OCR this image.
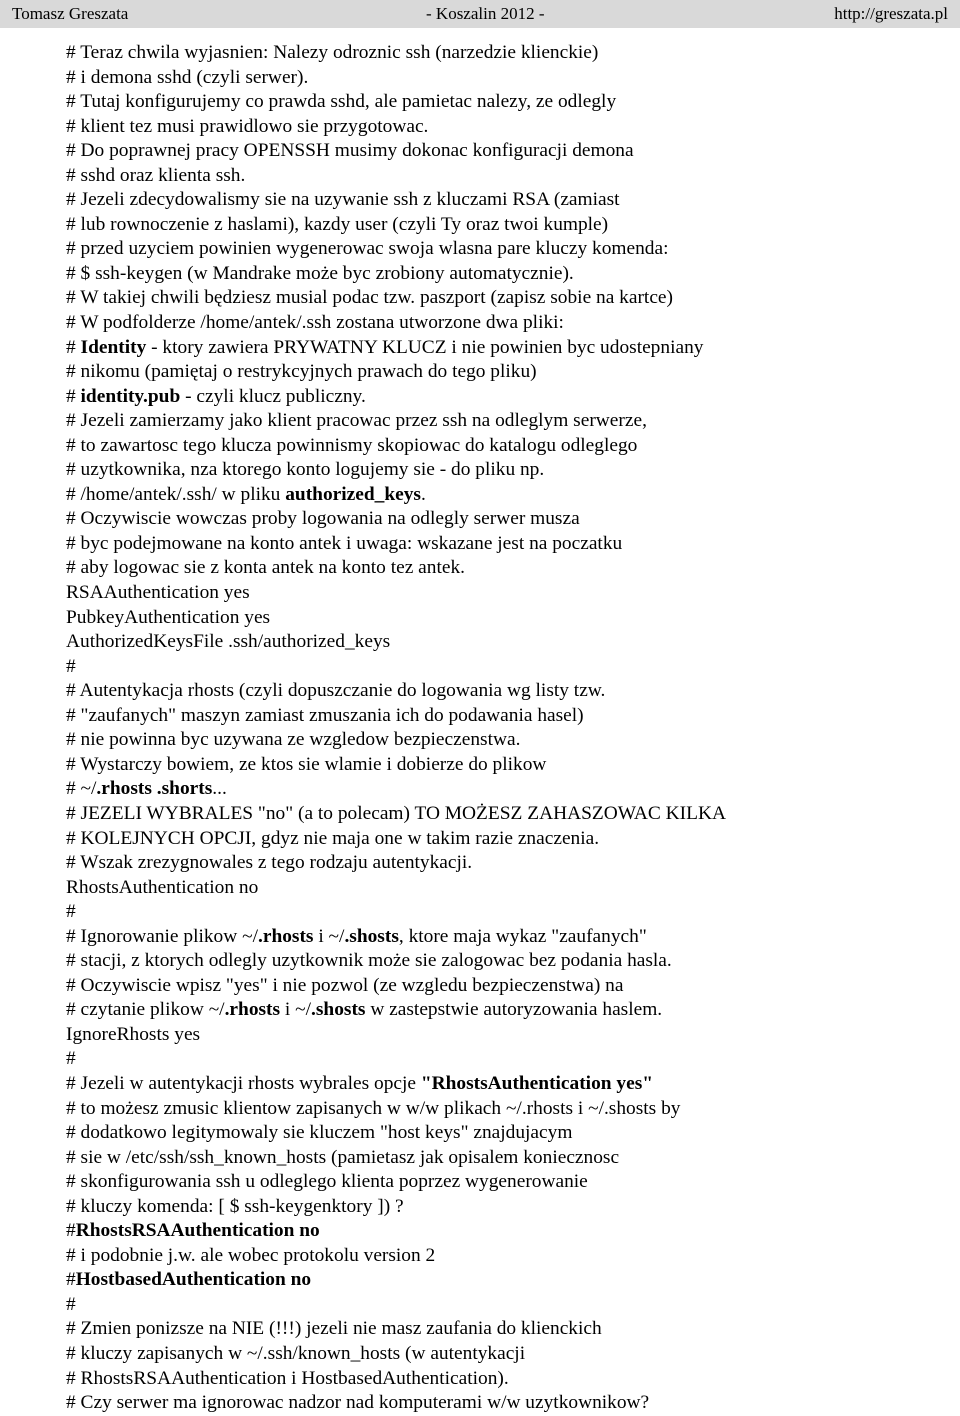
Tomasz Greszata	- Koszalin 2012 -	http://greszata.pl
# Teraz chwila wyjasnien: Nalezy odroznic ssh (narzedzie klienckie)
# i demona sshd (czyli serwer).
# Tutaj konfigurujemy co prawda sshd, ale pamietac nalezy, ze odlegly
# klient tez musi prawidlowo sie przygotowac.
# Do poprawnej pracy OPENSSH musimy dokonac konfiguracji demona
# sshd oraz klienta ssh.
# Jezeli zdecydowalismy sie na uzywanie ssh z kluczami RSA (zamiast
# lub rownoczenie z haslami), kazdy user (czyli Ty oraz twoi kumple)
# przed uzyciem powinien wygenerowac swoja wlasna pare kluczy komenda:
# $ ssh-keygen (w Mandrake może byc zrobiony automatycznie).
# W takiej chwili będziesz musial podac tzw. paszport (zapisz sobie na kartce)
# W podfolderze /home/antek/.ssh zostana utworzone dwa pliki:
# Identity - ktory zawiera PRYWATNY KLUCZ i nie powinien byc udostepniany
# nikomu (pamiętaj o restrykcyjnych prawach do tego pliku)
# identity.pub - czyli klucz publiczny.
# Jezeli zamierzamy jako klient pracowac przez ssh na odleglym serwerze,
# to zawartosc tego klucza powinnismy skopiowac do katalogu odleglego
# uzytkownika, nza ktorego konto logujemy sie - do pliku np.
# /home/antek/.ssh/ w pliku authorized_keys.
# Oczywiscie wowczas proby logowania na odlegly serwer musza
# byc podejmowane na konto antek i uwaga: wskazane jest na poczatku
# aby logowac sie z konta antek na konto tez antek.
RSAAuthentication yes
PubkeyAuthentication yes
AuthorizedKeysFile .ssh/authorized_keys
#
# Autentykacja rhosts (czyli dopuszczanie do logowania wg listy tzw.
# "zaufanych" maszyn zamiast zmuszania ich do podawania hasel)
# nie powinna byc uzywana ze wzgledow bezpieczenstwa.
# Wystarczy bowiem, ze ktos sie wlamie i dobierze do plikow
# ~/.rhosts .shorts...
# JEZELI WYBRALES "no" (a to polecam) TO MOŻESZ ZAHASZOWAC KILKA
# KOLEJNYCH OPCJI, gdyz nie maja one w takim razie znaczenia.
# Wszak zrezygnowales z tego rodzaju autentykacji.
RhostsAuthentication no
#
# Ignorowanie plikow ~/.rhosts i ~/.shosts, ktore maja wykaz "zaufanych"
# stacji, z ktorych odlegly uzytkownik może sie zalogowac bez podania hasla.
# Oczywiscie wpisz "yes" i nie pozwol (ze wzgledu bezpieczenstwa) na
# czytanie plikow ~/.rhosts i ~/.shosts w zastepstwie autoryzowania haslem.
IgnoreRhosts yes
#
# Jezeli w autentykacji rhosts wybrales opcje "RhostsAuthentication yes"
# to możesz zmusic klientow zapisanych w w/w plikach ~/.rhosts i ~/.shosts by
# dodatkowo legitymowaly sie kluczem "host keys" znajdujacym
# sie w /etc/ssh/ssh_known_hosts (pamietasz jak opisalem koniecznosc
# skonfigurowania ssh u odleglego klienta poprzez wygenerowanie
# kluczy komenda: [ $ ssh-keygenktory ]) ?
#RhostsRSAAuthentication no
# i podobnie j.w. ale wobec protokolu version 2
#HostbasedAuthentication no
#
# Zmien ponizsze na NIE (!!!) jezeli nie masz zaufania do klienckich
# kluczy zapisanych w ~/.ssh/known_hosts (w autentykacji
# RhostsRSAAuthentication i HostbasedAuthentication).
# Czy serwer ma ignorowac nadzor nad komputerami w/w uzytkownikow?
